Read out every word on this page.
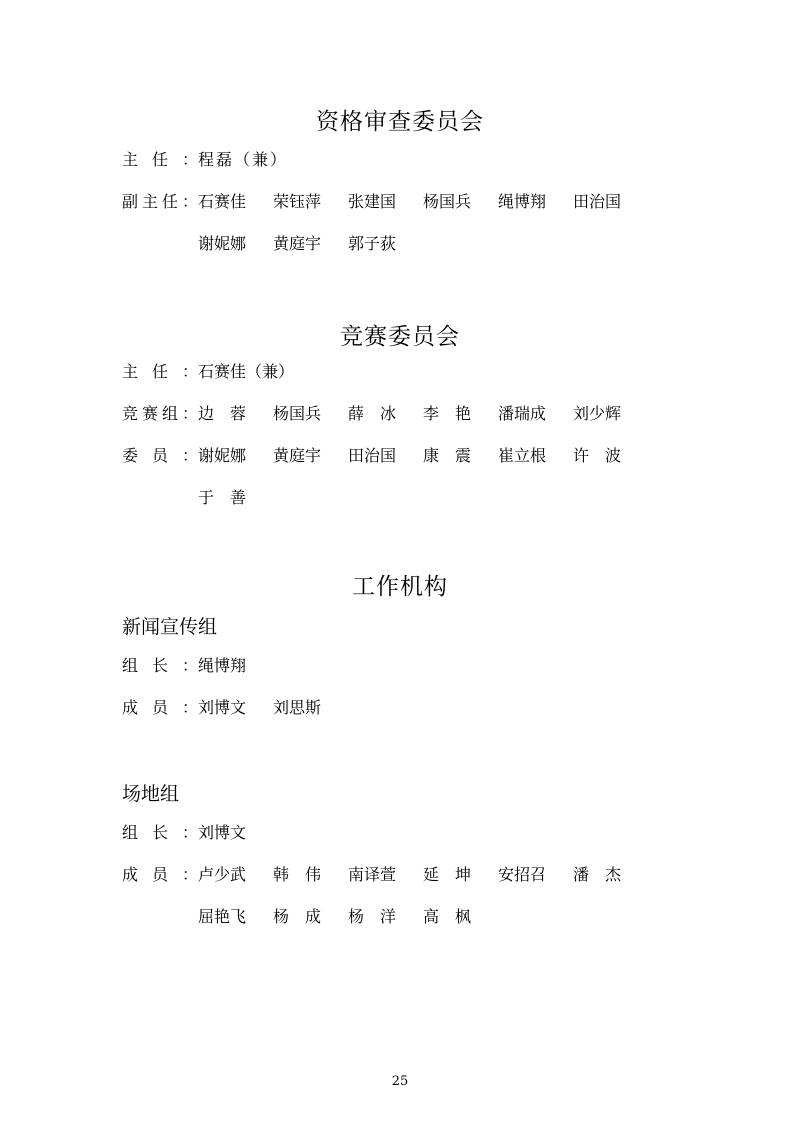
资格审查委员会
主任：程磊（兼）
副主任：石赛佳 荣钰萍 张建国 杨国兵 绳博翔 田治国
谢妮娜 黄庭宇 郭子荻
竞赛委员会
主任：石赛佳（兼）
竞赛组：边蓉 杨国兵 薛冰 李艳 潘瑞成 刘少辉
委员：谢妮娜 黄庭宇 田治国 康震 崔立根 许波
于善
工作机构
新闻宣传组
组长：绳博翔
成员：刘博文 刘思斯
场地组
组长：刘博文
成员：卢少武 韩伟 南译萱 延坤 安招召 潘杰
屈艳飞 杨成 杨洋 高枫
25
